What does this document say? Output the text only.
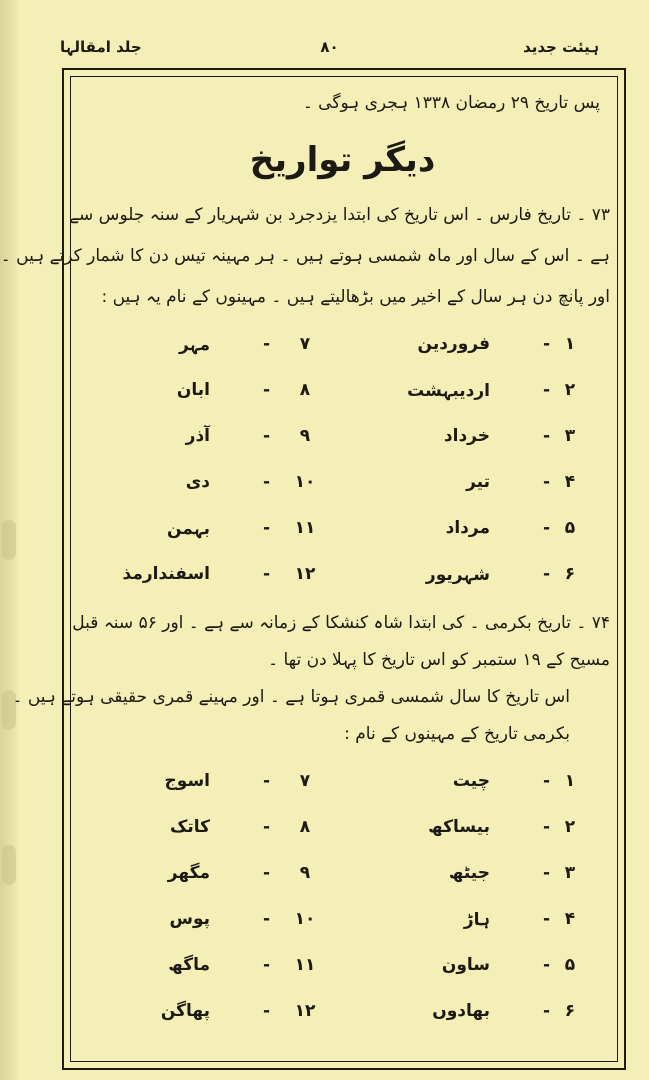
ہیئت جدید
۸۰
جلد امقالہا
پس تاریخ ۲۹ رمضان ۱۳۳۸ ہجری ہوگی ۔
دیگر تواریخ
۷۳ ۔ تاریخ فارس ۔ اس تاریخ کی ابتدا یزدجرد بن شہریار کے سنہ جلوس سے
ہے ۔ اس کے سال اور ماہ شمسی ہوتے ہیں ۔ ہر مہینہ تیس دن کا شمار کرتے ہیں ۔
اور پانچ دن ہر سال کے اخیر میں بڑھالیتے ہیں ۔ مہینوں کے نام یہ ہیں :
۱
-
فروردین
۷
-
مہر
۲
-
اردیبہشت
۸
-
ابان
۳
-
خرداد
۹
-
آذر
۴
-
تیر
۱۰
-
دی
۵
-
مرداد
۱۱
-
بہمن
۶
-
شہریور
۱۲
-
اسفندارمذ
۷۴ ۔ تاریخ بکرمی ۔ کی ابتدا شاہ کنشکا کے زمانہ سے ہے ۔ اور ۵۶ سنہ قبل
مسیح کے ۱۹ ستمبر کو اس تاریخ کا پہلا دن تھا ۔
اس تاریخ کا سال شمسی قمری ہوتا ہے ۔ اور مہینے قمری حقیقی ہوتے ہیں ۔
بکرمی تاریخ کے مہینوں کے نام :
۱
-
چیت
۷
-
اسوج
۲
-
بیساکھ
۸
-
کاتک
۳
-
جیٹھ
۹
-
مگھر
۴
-
ہاڑ
۱۰
-
پوس
۵
-
ساون
۱۱
-
ماگھ
۶
-
بھادوں
۱۲
-
پھاگن
